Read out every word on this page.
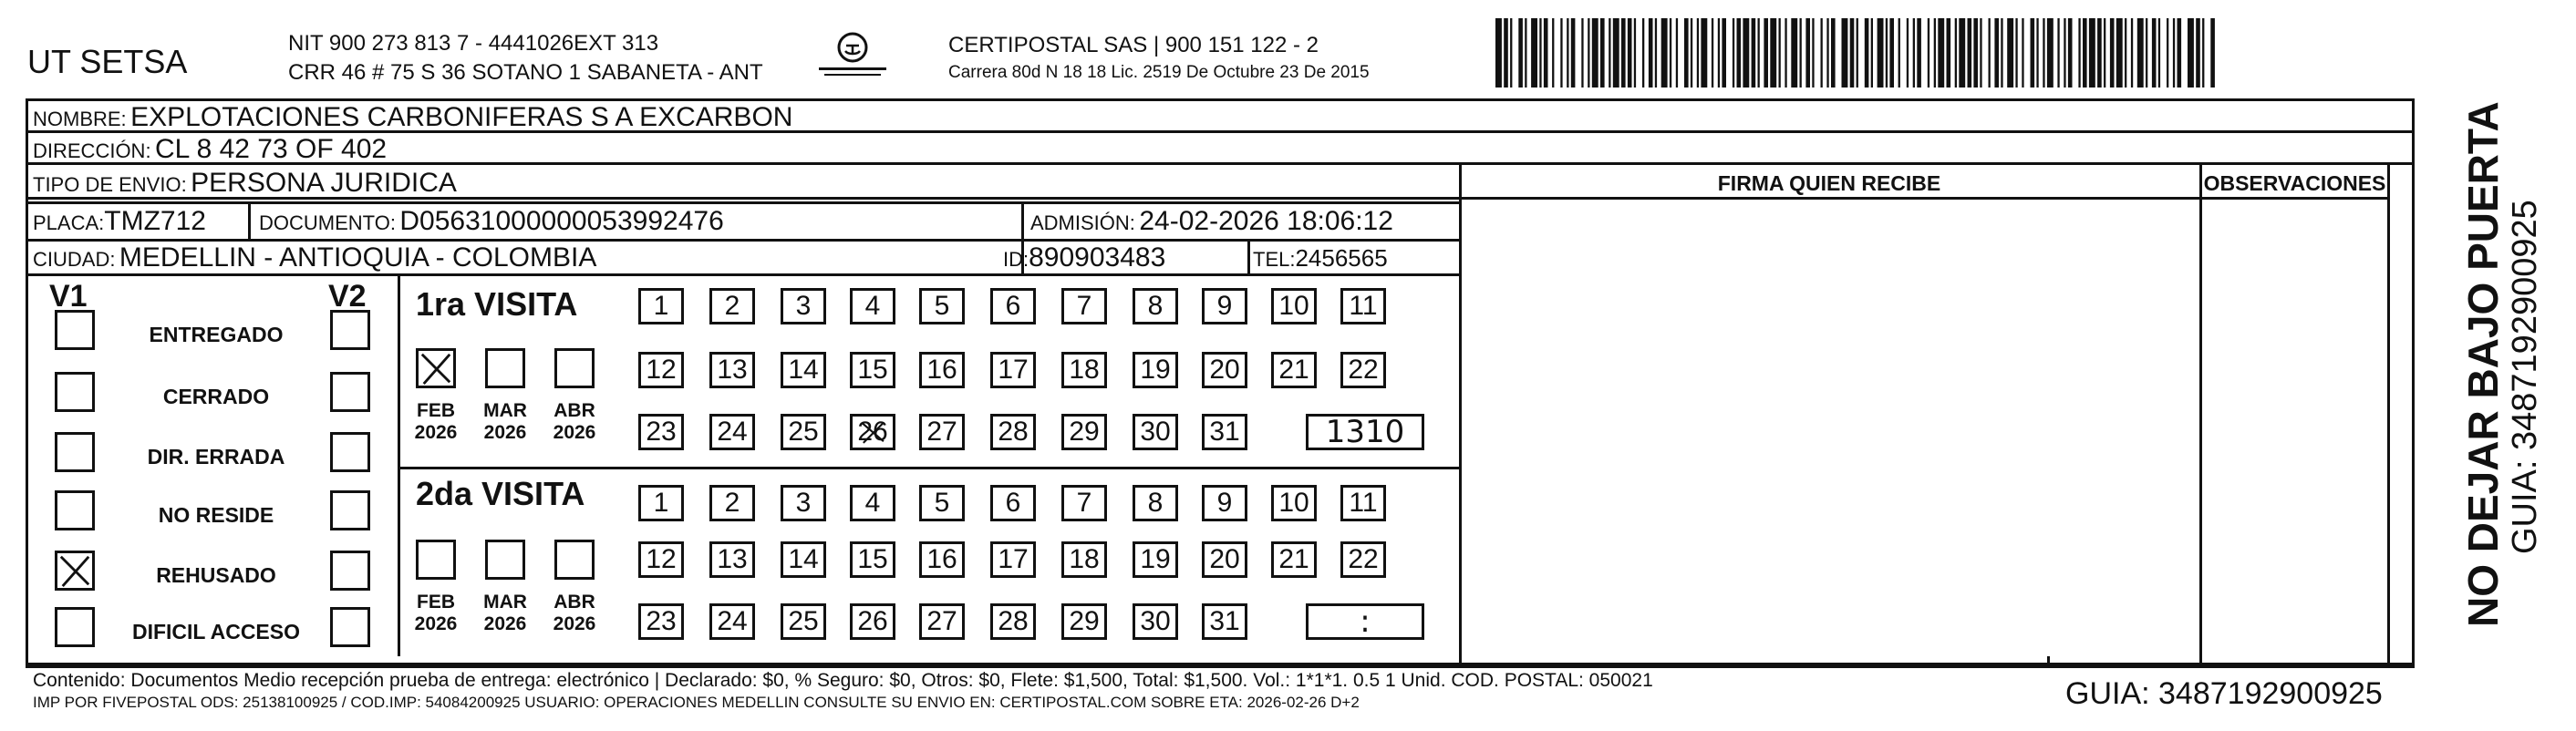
UT SETSA	NIT 900 273 813 7 - 4441026EXT 313
CRR 46 # 75 S 36 SOTANO 1 SABANETA - ANT
CERTIPOSTAL SAS | 900 151 122 - 2
Carrera 80d N 18 18 Lic. 2519 De Octubre 23 De 2015
NOMBRE: EXPLOTACIONES CARBONIFERAS S A EXCARBON
DIRECCIÓN: CL 8 42 73 OF 402
TIPO DE ENVIO: PERSONA JURIDICA
PLACA:TMZ712	DOCUMENTO: D05631000000053992476	ADMISIÓN: 24-02-2026 18:06:12
CIUDAD: MEDELLIN - ANTIOQUIA - COLOMBIA	ID:890903483	TEL:2456565
FIRMA QUIEN RECIBE	OBSERVACIONES
V1	V2
ENTREGADO
CERRADO
DIR. ERRADA
NO RESIDE
REHUSADO
DIFICIL ACCESO
1ra VISITA
FEB
2026
MAR
2026
ABR
2026
1	2	3	4	5	6	7	8	9	10	11
12 13 14 15 16 17 18 19 20 21 22
23 24 25 26 27 28 29 30 31	1310
2da VISITA
FEB
2026
MAR
2026
ABR
2026
1	2	3	4	5	6	7	8	9	10	11
12 13 14 15 16 17 18 19 20 21 22
23 24 25 26 27 28 29 30 31	:
Contenido: Documentos Medio recepción prueba de entrega: electrónico | Declarado: $0, % Seguro: $0, Otros: $0, Flete: $1,500, Total: $1,500. Vol.: 1*1*1. 0.5 1 Unid. COD. POSTAL: 050021
IMP POR FIVEPOSTAL ODS: 25138100925 / COD.IMP: 54084200925 USUARIO: OPERACIONES MEDELLIN CONSULTE SU ENVIO EN: CERTIPOSTAL.COM SOBRE ETA: 2026-02-26 D+2	GUIA: 3487192900925
NO DEJAR BAJO PUERTA GUIA: 3487192900925
